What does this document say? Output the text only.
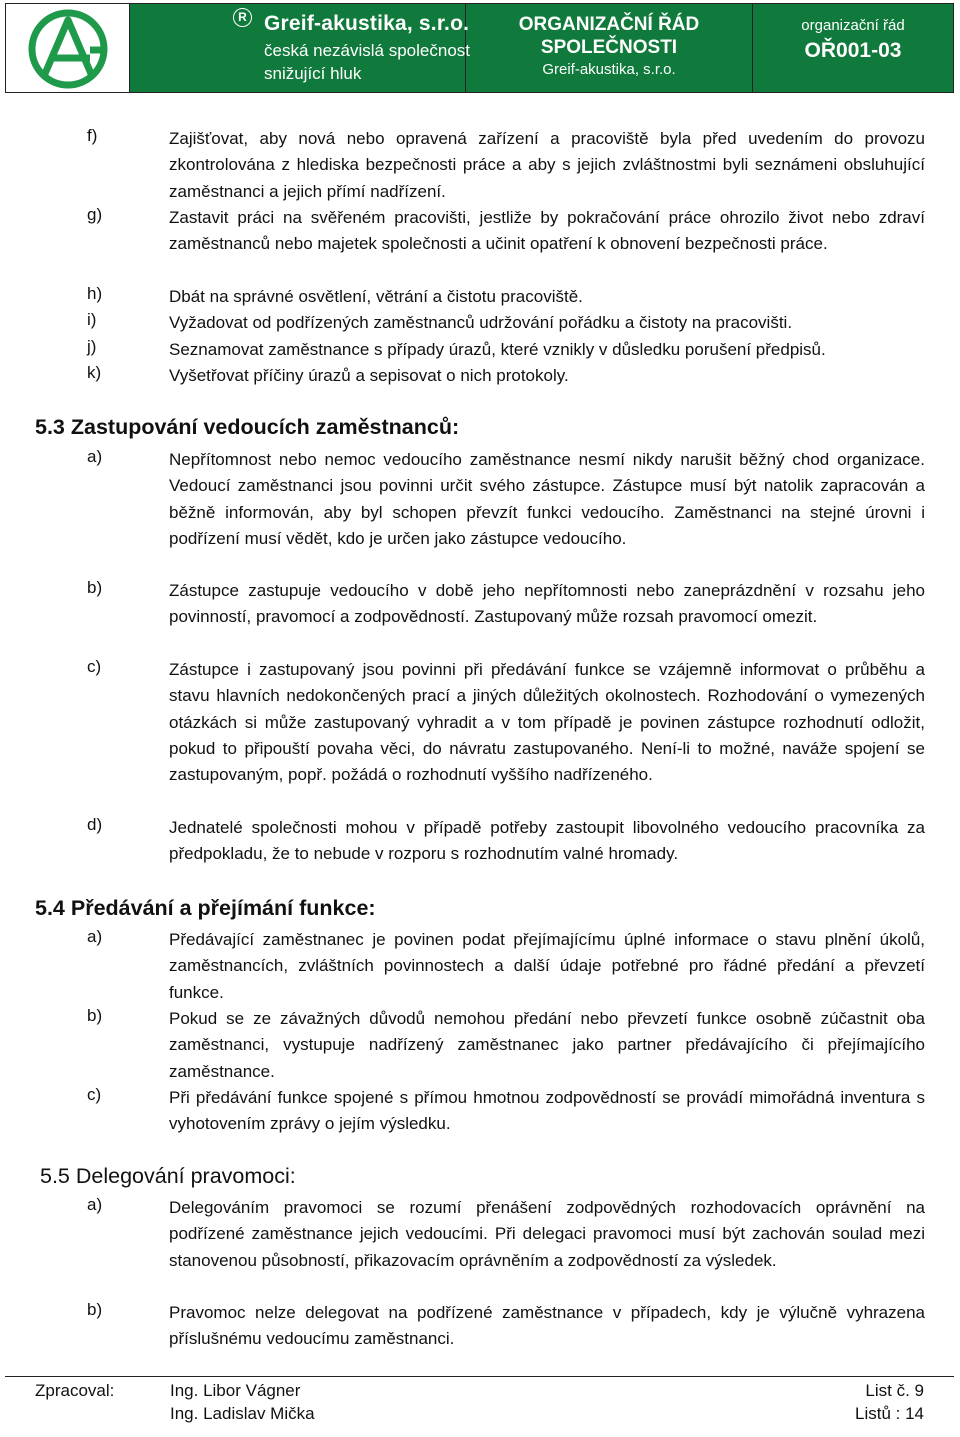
R Greif-akustika, s.r.o.
česká nezávislá společnost
snižující hluk
ORGANIZAČNÍ ŘÁD
SPOLEČNOSTI
Greif-akustika, s.r.o.
organizační řád
OŘ001-03
f)	Zajišťovat, aby nová nebo opravená zařízení a pracoviště byla před uvedením do provozu zkontrolována z hlediska bezpečnosti práce a aby s jejich zvláštnostmi byli seznámeni obsluhující zaměstnanci a jejich přímí nadřízení.
g)	Zastavit práci na svěřeném pracovišti, jestliže by pokračování práce ohrozilo život nebo zdraví zaměstnanců nebo majetek společnosti a učinit opatření k obnovení bezpečnosti práce.
h)	Dbát na správné osvětlení, větrání a čistotu pracoviště.
i)	Vyžadovat od podřízených zaměstnanců udržování pořádku a čistoty na pracovišti.
j)	Seznamovat zaměstnance s případy úrazů, které vznikly v důsledku porušení předpisů.
k)	Vyšetřovat příčiny úrazů a sepisovat o nich protokoly.
5.3 Zastupování vedoucích zaměstnanců:
a)	Nepřítomnost nebo nemoc vedoucího zaměstnance nesmí nikdy narušit běžný chod organizace. Vedoucí zaměstnanci jsou povinni určit svého zástupce. Zástupce musí být natolik zapracován a běžně informován, aby byl schopen převzít funkci vedoucího. Zaměstnanci na stejné úrovni i podřízení musí vědět, kdo je určen jako zástupce vedoucího.
b)	Zástupce zastupuje vedoucího v době jeho nepřítomnosti nebo zaneprázdnění v rozsahu jeho povinností, pravomocí a zodpovědností. Zastupovaný může rozsah pravomocí omezit.
c)	Zástupce i zastupovaný jsou povinni při předávání funkce se vzájemně informovat o průběhu a stavu hlavních nedokončených prací a jiných důležitých okolnostech. Rozhodování o vymezených otázkách si může zastupovaný vyhradit a v tom případě je povinen zástupce rozhodnutí odložit, pokud to připouští povaha věci, do návratu zastupovaného. Není-li to možné, naváže spojení se zastupovaným, popř. požádá o rozhodnutí vyššího nadřízeného.
d)	Jednatelé společnosti mohou v případě potřeby zastoupit libovolného vedoucího pracovníka za předpokladu, že to nebude v rozporu s rozhodnutím valné hromady.
5.4 Předávání a přejímání funkce:
a)	Předávající zaměstnanec je povinen podat přejímajícímu úplné informace o stavu plnění úkolů, zaměstnancích, zvláštních povinnostech a další údaje potřebné pro řádné předání a převzetí funkce.
b)	Pokud se ze závažných důvodů nemohou předání nebo převzetí funkce osobně zúčastnit oba zaměstnanci, vystupuje nadřízený zaměstnanec jako partner předávajícího či přejímajícího zaměstnance.
c)	Při předávání funkce spojené s přímou hmotnou zodpovědností se provádí mimořádná inventura s vyhotovením zprávy o jejím výsledku.
5.5 Delegování pravomoci:
a)	Delegováním pravomoci se rozumí přenášení zodpovědných rozhodovacích oprávnění na podřízené zaměstnance jejich vedoucími. Při delegaci pravomoci musí být zachován soulad mezi stanovenou působností, přikazovacím oprávněním a zodpovědností za výsledek.
b)	Pravomoc nelze delegovat na podřízené zaměstnance v případech, kdy je výlučně vyhrazena příslušnému vedoucímu zaměstnanci.
Zpracoval:	Ing. Libor Vágner
Ing. Ladislav Mička
List č. 9
Listů : 14
